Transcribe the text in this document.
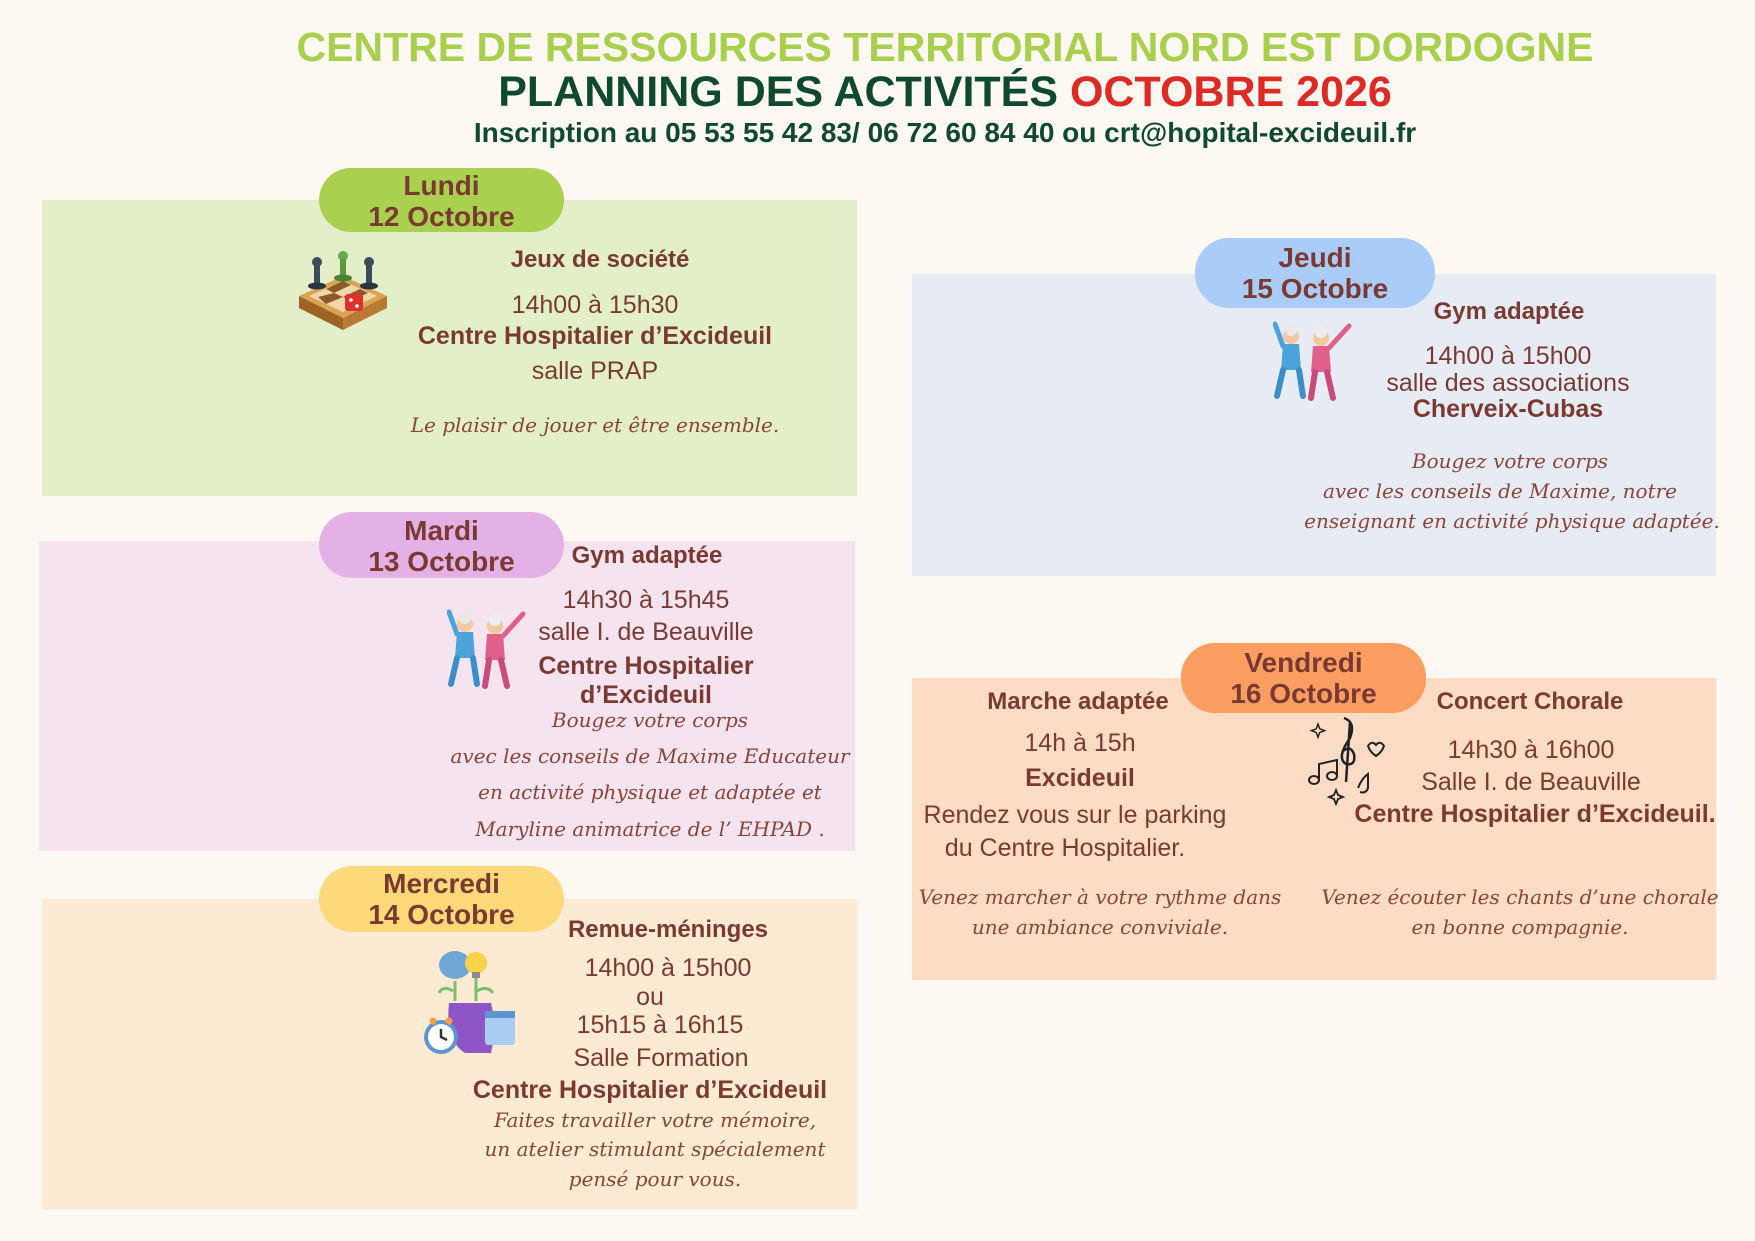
CENTRE DE RESSOURCES TERRITORIAL NORD EST DORDOGNE
PLANNING DES ACTIVITÉS OCTOBRE 2026
Inscription au 05 53 55 42 83/ 06 72 60 84 40 ou crt@hopital-excideuil.fr
Lundi
12 Octobre
Jeux de société
14h00 à 15h30
Centre Hospitalier d’Excideuil
salle PRAP
Le plaisir de jouer et être ensemble.
Mardi
13 Octobre	Gym adaptée
14h30 à 15h45
salle I. de Beauville
Centre Hospitalier
d’Excideuil
Bougez votre corps
avec les conseils de Maxime Educateur
en activité physique et adaptée et
Maryline animatrice de l’ EHPAD .
Mercredi
14 Octobre	Remue-méninges
14h00 à 15h00
ou
15h15 à 16h15
Salle Formation
Centre Hospitalier d’Excideuil
Faites travailler votre mémoire,
un atelier stimulant spécialement
pensé pour vous.
Jeudi
15 Octobre
Gym adaptée
14h00 à 15h00
salle des associations
Cherveix-Cubas
Bougez votre corps
avec les conseils de Maxime, notre
enseignant en activité physique adaptée.
Vendredi
16 Octobre
Marche adaptée
14h à 15h
Excideuil
Rendez vous sur le parking
du Centre Hospitalier.
Venez marcher à votre rythme dans
une ambiance conviviale.
Concert Chorale
14h30 à 16h00
Salle I. de Beauville
Centre Hospitalier d’Excideuil.
Venez écouter les chants d’une chorale
en bonne compagnie.
